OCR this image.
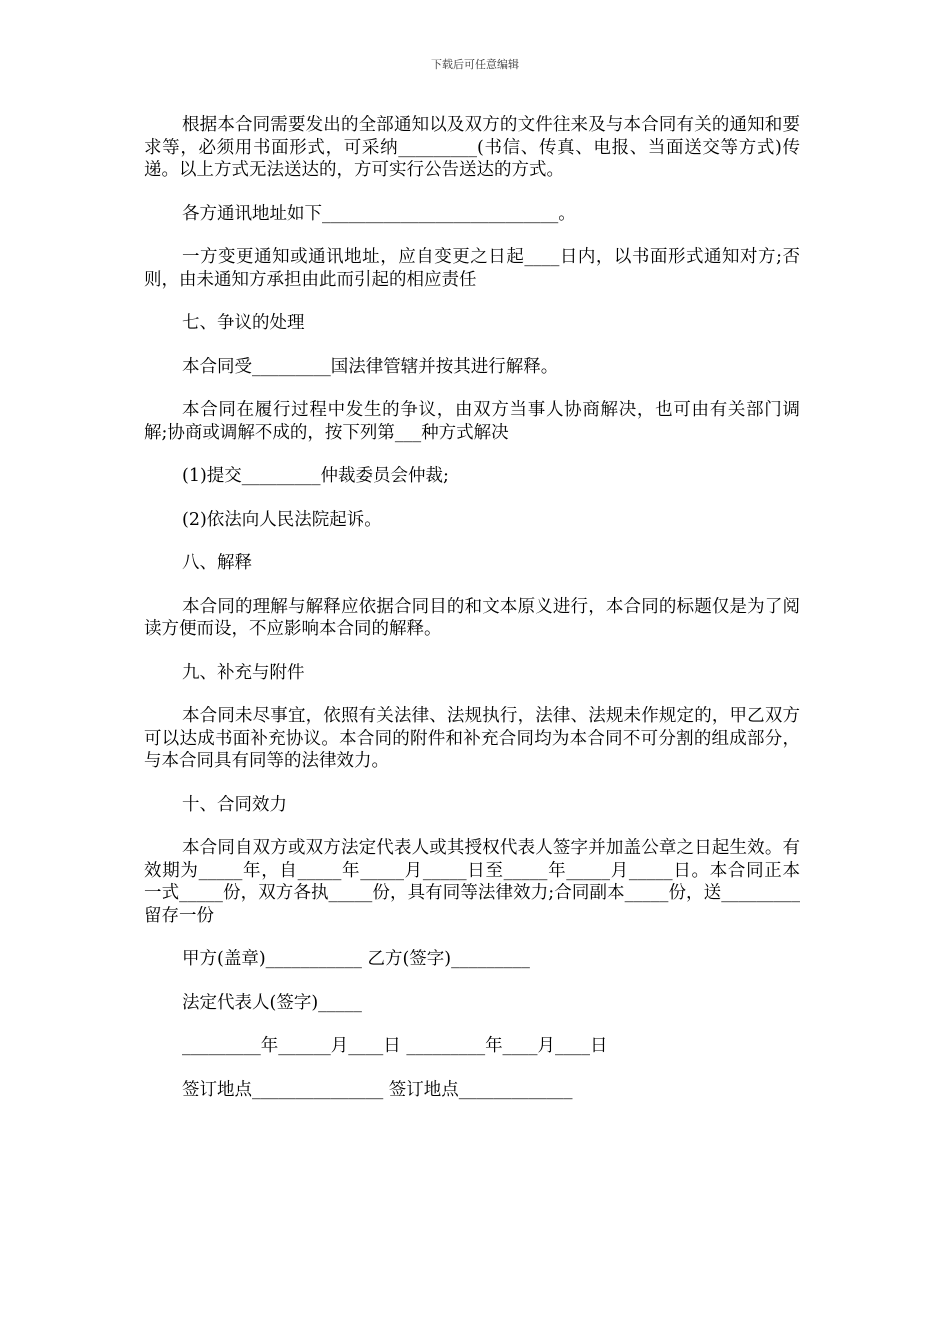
下载后可任意编辑

根据本合同需要发出的全部通知以及双方的文件往来及与本合同有关的通知和要求等，必须用书面形式，可采纳_________(书信、传真、电报、当面送交等方式)传递。以上方式无法送达的，方可实行公告送达的方式。

各方通讯地址如下___________________________。

一方变更通知或通讯地址，应自变更之日起____日内，以书面形式通知对方;否则，由未通知方承担由此而引起的相应责任

七、争议的处理

本合同受_________国法律管辖并按其进行解释。

本合同在履行过程中发生的争议，由双方当事人协商解决，也可由有关部门调解;协商或调解不成的，按下列第___种方式解决

(1)提交_________仲裁委员会仲裁;

(2)依法向人民法院起诉。

八、解释

本合同的理解与解释应依据合同目的和文本原义进行，本合同的标题仅是为了阅读方便而设，不应影响本合同的解释。

九、补充与附件

本合同未尽事宜，依照有关法律、法规执行，法律、法规未作规定的，甲乙双方可以达成书面补充协议。本合同的附件和补充合同均为本合同不可分割的组成部分，与本合同具有同等的法律效力。

十、合同效力

本合同自双方或双方法定代表人或其授权代表人签字并加盖公章之日起生效。有效期为_____年，自_____年_____月_____日至_____年_____月_____日。本合同正本一式_____份，双方各执_____份，具有同等法律效力;合同副本_____份，送_________留存一份

甲方(盖章)___________ 乙方(签字)_________

法定代表人(签字)_____

_________年______月____日 _________年____月____日

签订地点_______________ 签订地点_____________
